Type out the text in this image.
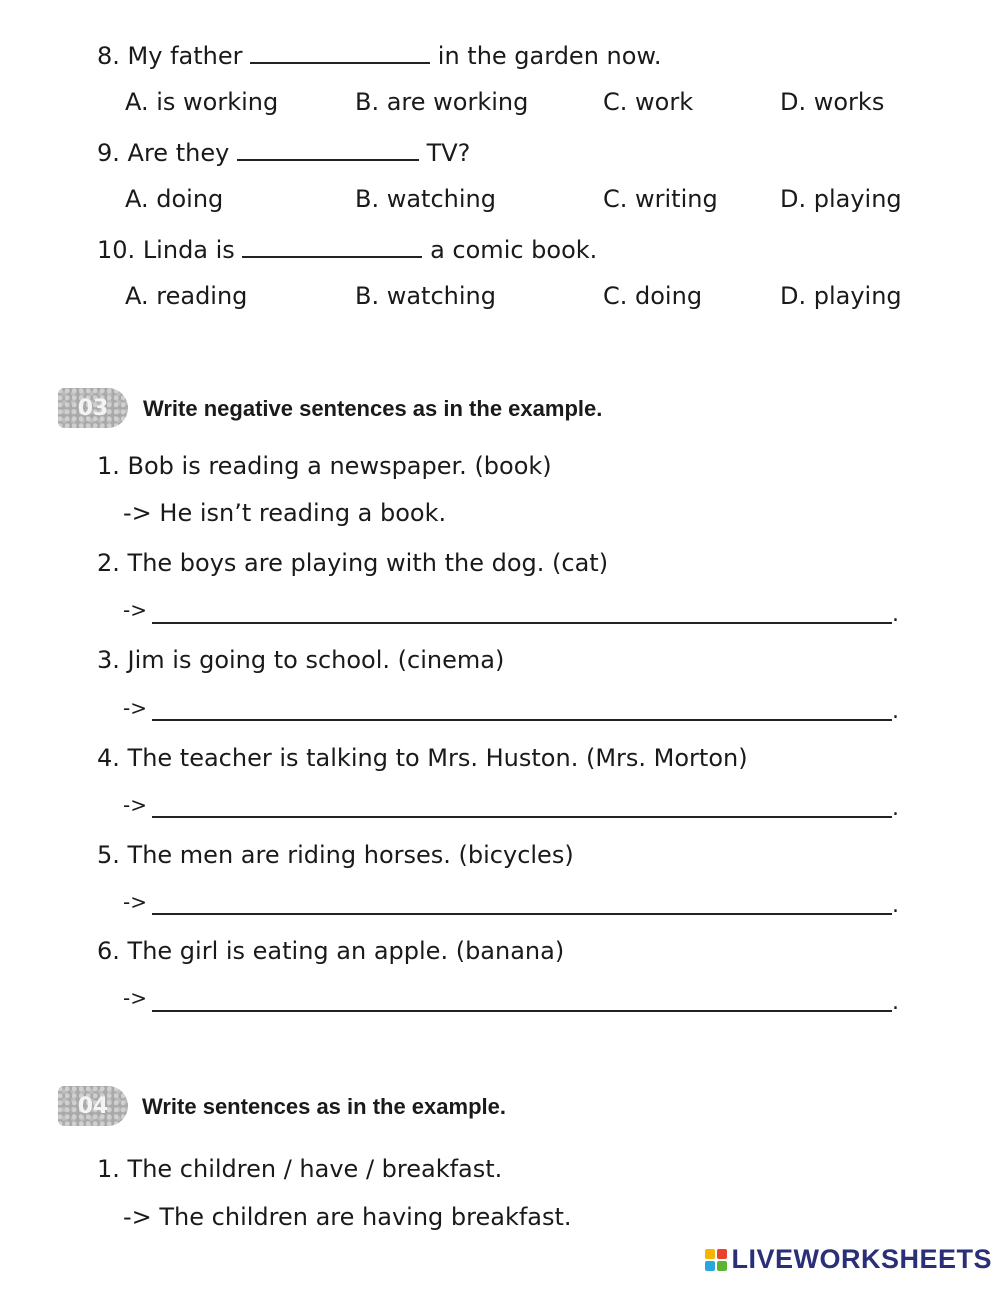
8. My father	in the garden now.
A. is working	B. are working	C. work	D. works
9. Are they	TV?
A. doing	B. watching	C. writing	D. playing
10. Linda is	a comic book.
A. reading	B. watching	C. doing	D. playing
03	Write negative sentences as in the example.
1. Bob is reading a newspaper. (book)
-> He isn’t reading a book.
2. The boys are playing with the dog. (cat)
->	.
3. Jim is going to school. (cinema)
->	.
4. The teacher is talking to Mrs. Huston. (Mrs. Morton)
->	.
5. The men are riding horses. (bicycles)
->	.
6. The girl is eating an apple. (banana)
->	.
04	Write sentences as in the example.
1. The children / have / breakfast.
-> The children are having breakfast.
LIVEWORKSHEETS
